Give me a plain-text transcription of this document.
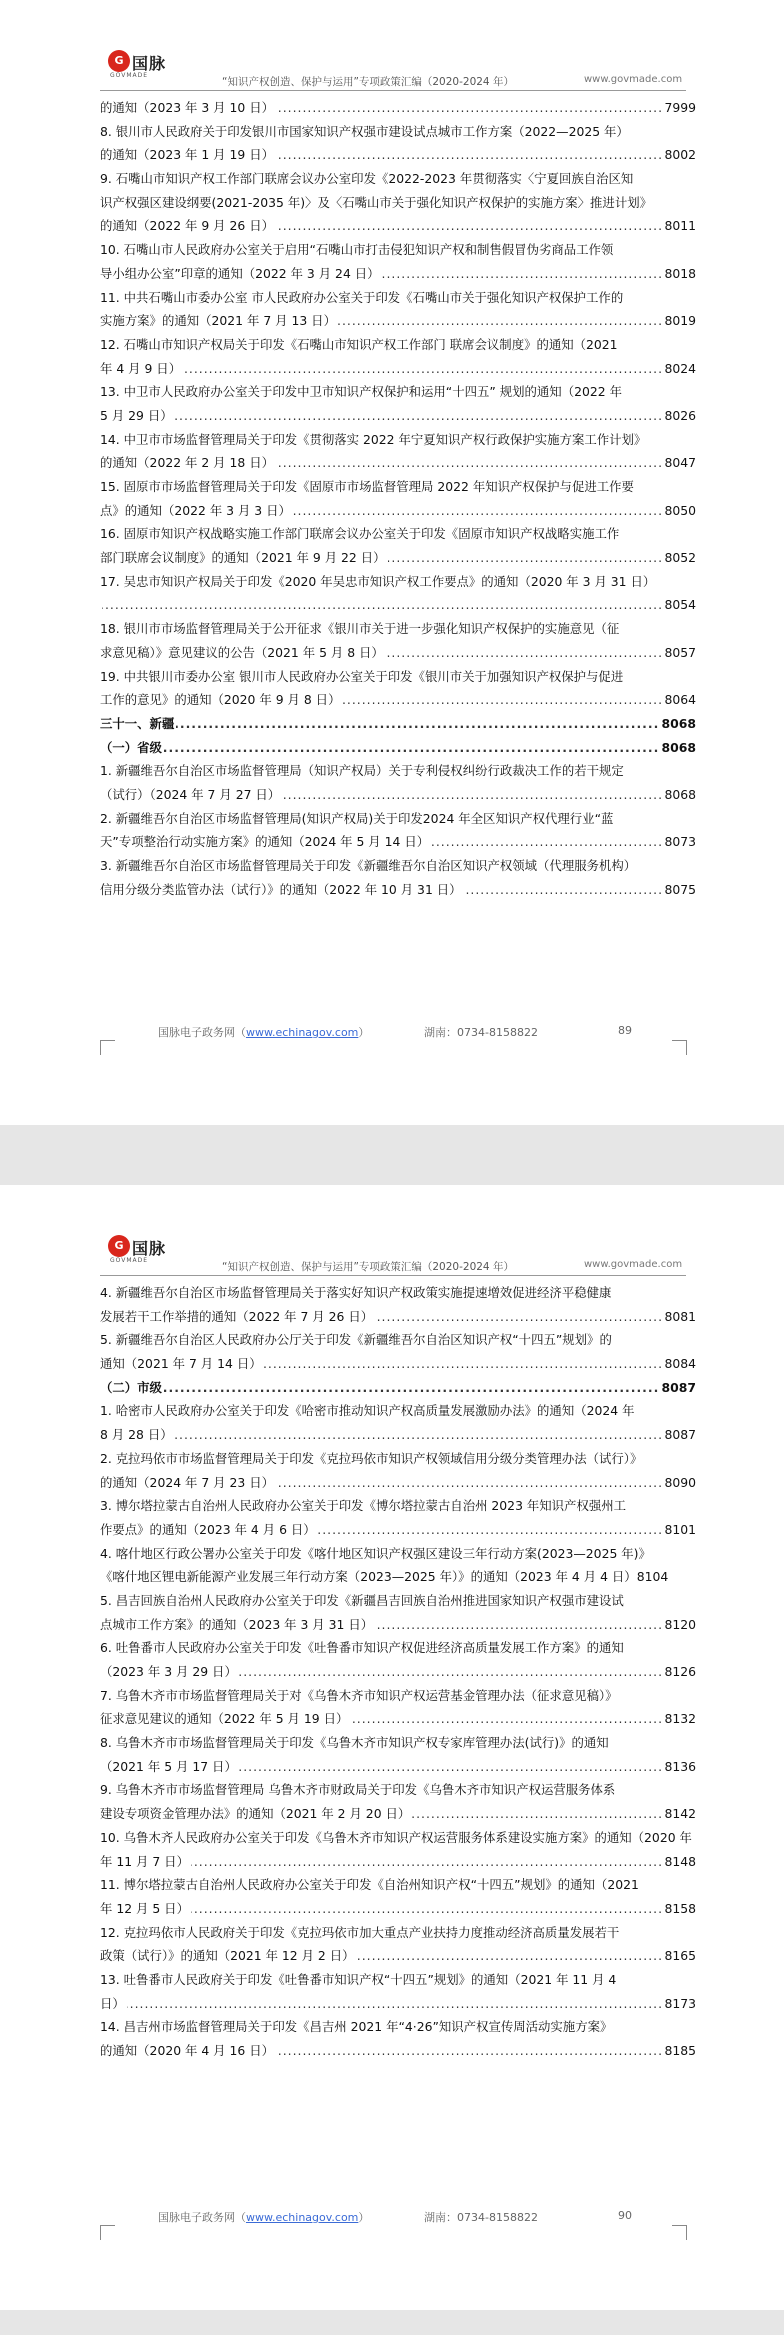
G 国脉
GOVMADE
“知识产权创造、保护与运用”专项政策汇编（2020-2024 年）	www.govmade.com
.....
的通知（2023 年 3 月 10 日）	7999
8. 银川市人民政府关于印发银川市国家知识产权强市建设试点城市工作方案（2022—2025 年）
.....
的通知（2023 年 1 月 19 日）	8002
9. 石嘴山市知识产权工作部门联席会议办公室印发《2022-2023 年贯彻落实〈宁夏回族自治区知
识产权强区建设纲要(2021-2035 年)〉及〈石嘴山市关于强化知识产权保护的实施方案〉推进计划》
.....
的通知（2022 年 9 月 26 日）	8011
10. 石嘴山市人民政府办公室关于启用“石嘴山市打击侵犯知识产权和制售假冒伪劣商品工作领
.....
导小组办公室”印章的通知（2022 年 3 月 24 日）	8018
11. 中共石嘴山市委办公室 市人民政府办公室关于印发《石嘴山市关于强化知识产权保护工作的
.....
实施方案》的通知（2021 年 7 月 13 日）	8019
12. 石嘴山市知识产权局关于印发《石嘴山市知识产权工作部门 联席会议制度》的通知（2021
.....
年 4 月 9 日）	8024
13. 中卫市人民政府办公室关于印发中卫市知识产权保护和运用“十四五” 规划的通知（2022 年
.....
5 月 29 日）	8026
14. 中卫市市场监督管理局关于印发《贯彻落实 2022 年宁夏知识产权行政保护实施方案工作计划》
.....
的通知（2022 年 2 月 18 日）	8047
15. 固原市市场监督管理局关于印发《固原市市场监督管理局 2022 年知识产权保护与促进工作要
.....
点》的通知（2022 年 3 月 3 日）	8050
16. 固原市知识产权战略实施工作部门联席会议办公室关于印发《固原市知识产权战略实施工作
.....
部门联席会议制度》的通知（2021 年 9 月 22 日）	8052
17. 吴忠市知识产权局关于印发《2020 年吴忠市知识产权工作要点》的通知（2020 年 3 月 31 日）
.....
8054
18. 银川市市场监督管理局关于公开征求《银川市关于进一步强化知识产权保护的实施意见（征
.....
求意见稿）》意见建议的公告（2021 年 5 月 8 日）	8057
19. 中共银川市委办公室 银川市人民政府办公室关于印发《银川市关于加强知识产权保护与促进
.....
工作的意见》的通知（2020 年 9 月 8 日）	8064
.....
三十一、新疆	8068
.....
（一）省级	8068
1. 新疆维吾尔自治区市场监督管理局（知识产权局）关于专利侵权纠纷行政裁决工作的若干规定
.....
（试行）（2024 年 7 月 27 日）	8068
2. 新疆维吾尔自治区市场监督管理局(知识产权局)关于印发2024 年全区知识产权代理行业“蓝
.....
天”专项整治行动实施方案》的通知（2024 年 5 月 14 日）	8073
3. 新疆维吾尔自治区市场监督管理局关于印发《新疆维吾尔自治区知识产权领域（代理服务机构）
.....
信用分级分类监管办法（试行）》的通知（2022 年 10 月 31 日）	8075
国脉电子政务网（www.echinagov.com）	湖南：0734-8158822	89
G 国脉
GOVMADE
“知识产权创造、保护与运用”专项政策汇编（2020-2024 年）	www.govmade.com
4. 新疆维吾尔自治区市场监督管理局关于落实好知识产权政策实施提速增效促进经济平稳健康
.....
发展若干工作举措的通知（2022 年 7 月 26 日）	8081
5. 新疆维吾尔自治区人民政府办公厅关于印发《新疆维吾尔自治区知识产权“十四五”规划》的
.....
通知（2021 年 7 月 14 日）	8084
.....
（二）市级	8087
1. 哈密市人民政府办公室关于印发《哈密市推动知识产权高质量发展激励办法》的通知（2024 年
.....
8 月 28 日）	8087
2. 克拉玛依市市场监督管理局关于印发《克拉玛依市知识产权领域信用分级分类管理办法（试行）》
.....
的通知（2024 年 7 月 23 日）	8090
3. 博尔塔拉蒙古自治州人民政府办公室关于印发《博尔塔拉蒙古自治州 2023 年知识产权强州工
.....
作要点》的通知（2023 年 4 月 6 日）	8101
4. 喀什地区行政公署办公室关于印发《喀什地区知识产权强区建设三年行动方案(2023—2025 年)》
《喀什地区锂电新能源产业发展三年行动方案（2023—2025 年）》的通知（2023 年 4 月 4 日）8104
5. 昌吉回族自治州人民政府办公室关于印发《新疆昌吉回族自治州推进国家知识产权强市建设试
.....
点城市工作方案》的通知（2023 年 3 月 31 日）	8120
6. 吐鲁番市人民政府办公室关于印发《吐鲁番市知识产权促进经济高质量发展工作方案》的通知
.....
（2023 年 3 月 29 日）	8126
7. 乌鲁木齐市市场监督管理局关于对《乌鲁木齐市知识产权运营基金管理办法（征求意见稿）》
.....
征求意见建议的通知（2022 年 5 月 19 日）	8132
8. 乌鲁木齐市市场监督管理局关于印发《乌鲁木齐市知识产权专家库管理办法(试行)》的通知
.....
（2021 年 5 月 17 日）	8136
9. 乌鲁木齐市市场监督管理局 乌鲁木齐市财政局关于印发《乌鲁木齐市知识产权运营服务体系
.....
建设专项资金管理办法》的通知（2021 年 2 月 20 日）	8142
10. 乌鲁木齐人民政府办公室关于印发《乌鲁木齐市知识产权运营服务体系建设实施方案》的通知（2020 年
.....
年 11 月 7 日）	8148
11. 博尔塔拉蒙古自治州人民政府办公室关于印发《自治州知识产权“十四五”规划》的通知（2021
.....
年 12 月 5 日）	8158
12. 克拉玛依市人民政府关于印发《克拉玛依市加大重点产业扶持力度推动经济高质量发展若干
.....
政策（试行）》的通知（2021 年 12 月 2 日）	8165
13. 吐鲁番市人民政府关于印发《吐鲁番市知识产权“十四五”规划》的通知（2021 年 11 月 4
.....
日）	8173
14. 昌吉州市场监督管理局关于印发《昌吉州 2021 年“4·26”知识产权宣传周活动实施方案》
.....
的通知（2020 年 4 月 16 日）	8185
国脉电子政务网（www.echinagov.com）	湖南：0734-8158822	90
